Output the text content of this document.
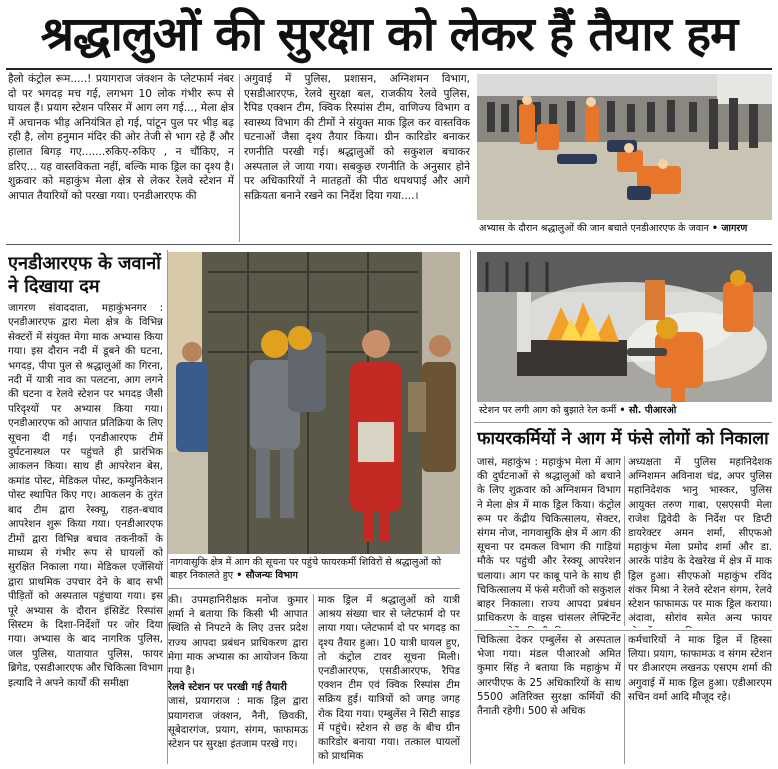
श्रद्धालुओं की सुरक्षा को लेकर हैं तैयार हम
हैलो कंट्रोल रूम.....! प्रयागराज जंक्शन के प्लेटफार्म नंबर दो पर भगदड़ मच गई, लगभग 10 लोक गंभीर रूप से घायल हैं। प्रयाग स्टेशन परिसर में आग लग गई..., मेला क्षेत्र में अचानक भीड़ अनियंत्रित हो गई, पांटून पुल पर भीड़ बढ़ रही है, लोग हनुमान मंदिर की ओर तेजी से भाग रहे हैं और हालात बिगड़ गए.......रुकिए-रुकिए , न चौंकिए, न डरिए... यह वास्तविकता नहीं, बल्कि माक ड्रिल का दृश्य है। शुक्रवार को महाकुंभ मेला क्षेत्र से लेकर रेलवे स्टेशन में आपात तैयारियों को परखा गया। एनडीआरएफ की
अगुवाई में पुलिस, प्रशासन, अग्निशमन विभाग, एसडीआरएफ, रेलवे सुरक्षा बल, राजकीय रेलवे पुलिस, रैपिड एक्शन टीम, क्विक रिस्पांस टीम, वाणिज्य विभाग व स्वास्थ्य विभाग की टीमों ने संयुक्त माक ड्रिल कर वास्तविक घटनाओं जैसा दृश्य तैयार किया। ग्रीन कारिडोर बनाकर रणनीति परखी गई। श्रद्धालुओं को सकुशल बचाकर अस्पताल ले जाया गया। सबकुछ रणनीति के अनुसार होने पर अधिकारियों ने मातहतों की पीठ थपथपाई और आगे सक्रियता बनाने रखने का निर्देश दिया गया....।
अभ्यास के दौरान श्रद्धालुओं की जान बचाते एनडीआरएफ के जवान • जागरण
एनडीआरएफ के जवानों ने दिखाया दम
जागरण संवाददाता, महाकुंभनगर : एनडीआरएफ द्वारा मेला क्षेत्र के विभिन्न सेक्टरों में संयुक्त मेगा माक अभ्यास किया गया। इस दौरान नदी में डूबने की घटना, भगदड़, पीपा पुल से श्रद्धालुओं का गिरना, नदी में यात्री नाव का पलटना, आग लगने की घटना व रेलवे स्टेशन पर भगदड़ जैसी परिदृश्यों पर अभ्यास किया गया। एनडीआरएफ को आपात प्रतिक्रिया के लिए सूचना दी गई। एनडीआरएफ टीमें दुर्घटनास्थल पर पहुंचते ही प्रारंभिक आकलन किया। साथ ही आपरेशन बेस, कमांड पोस्ट, मेडिकल पोस्ट, कम्युनिकेशन पोस्ट स्थापित किए गए। आकलन के तुरंत बाद टीम द्वारा रेस्क्यू, राहत-बचाव आपरेशन शुरू किया गया। एनडीआरएफ टीमों द्वारा विभिन्न बचाव तकनीकों के माध्यम से गंभीर रूप से घायलों को सुरक्षित निकाला गया। मेडिकल एजेंसियों द्वारा प्राथमिक उपचार देने के बाद सभी पीड़ितों को अस्पताल पहुंचाया गया। इस पूरे अभ्यास के दौरान इंसिडेंट रिस्पांस सिस्टम के दिशा-निर्देशों पर जोर दिया गया। अभ्यास के बाद नागरिक पुलिस, जल पुलिस, यातायात पुलिस, फायर ब्रिगेड, एसडीआरएफ और चिकित्सा विभाग इत्यादि ने अपने कार्यों की समीक्षा
नागवासुकि क्षेत्र में आग की सूचना पर पहुंचे फायरकर्मी शिविरों से श्रद्धालुओं को बाहर निकालते हुए • सौजन्यः विभाग
की। उपमहानिरीक्षक मनोज कुमार शर्मा ने बताया कि किसी भी आपात स्थिति से निपटने के लिए उत्तर प्रदेश राज्य आपदा प्रबंधन प्राधिकरण द्वारा मेगा माक अभ्यास का आयोजन किया गया है।
रेलवे स्टेशन पर परखी गई तैयारी
जासं, प्रयागराज : माक ड्रिल द्वारा प्रयागराज जंक्शन, नैनी, छिवकी, सूबेदारगंज, प्रयाग, संगम, फाफामऊ स्टेशन पर सुरक्षा इंतजाम परखे गए।
माक ड्रिल में श्रद्धालुओं को यात्री आश्रय संख्या चार से प्लेटफार्म दो पर लाया गया। प्लेटफार्म दो पर भगदड़ का दृश्य तैयार हुआ। 10 यात्री घायल हुए, तो कंट्रोल टावर सूचना मिली। एनडीआरएफ, एसडीआरएफ, रैपिड एक्शन टीम एवं क्विक रिस्पांस टीम सक्रिय हुई। यात्रियों को जगह जगह रोक दिया गया। एम्बुलेंस ने सिटी साइड में पहुंचे। स्टेशन से छह के बीच ग्रीन कारिडोर बनाया गया। तत्काल घायलों को प्राथमिक
स्टेशन पर लगी आग को बुझाते रेल कर्मी • सौ. पीआरओ
फायरकर्मियों ने आग में फंसे लोगों को निकाला
जासं, महाकुंभ : महाकुंभ मेला में आग की दुर्घटनाओं से श्रद्धालुओं को बचाने के लिए शुक्रवार को अग्निशमन विभाग ने मेला क्षेत्र में माक ड्रिल किया। कंट्रोल रूम पर केंद्रीय चिकित्सालय, सेक्टर, संगम नोज, नागवासुकि क्षेत्र में आग की सूचना पर दमकल विभाग की गाड़ियां मौके पर पहुंची और रेस्क्यू आपरेशन चलाया। आग पर काबू पाने के साथ ही चिकित्सालय में फंसे मरीजों को सकुशल बाहर निकाला। राज्य आपदा प्रबंधन प्राधिकरण के वाइस चांसलर लेफ्टिनेंट
अध्यक्षता में पुलिस महानिदेशक अग्निशमन अविनाश चंद्र, अपर पुलिस महानिदेशक भानु भास्कर, पुलिस आयुक्त तरुण गाबा, एसएसपी मेला राजेश द्विवेदी के निर्देश पर डिप्टी डायरेक्टर अमन शर्मा, सीएफओ महाकुंभ मेला प्रमोद शर्मा और डा. आरके पांडेय के देखरेख में क्षेत्र में माक ड्रिल हुआ। सीएफओ महाकुंभ रविंद शंकर मिश्रा ने रेलवे स्टेशन संगम, रेलवे स्टेशन फाफामऊ पर माक ड्रिल कराया। अंदावा, सोरांव समेत अन्य फायर
चिकित्सा देकर एम्बुलेंस से अस्पताल भेजा गया। मंडल पीआरओ अमित कुमार सिंह ने बताया कि महाकुंभ में आरपीएफ के 25 अधिकारियों के साथ 5500 अतिरिक्त सुरक्षा कर्मियों की तैनाती रहेगी। 500 से अधिक
कर्मचारियों ने माक ड्रिल में हिस्सा लिया। प्रयाग, फाफामऊ व संगम स्टेशन पर डीआरएम लखनऊ एसएम शर्मा की अगुवाई में माक ड्रिल हुआ। एडीआरएम सचिन वर्मा आदि मौजूद रहे।
